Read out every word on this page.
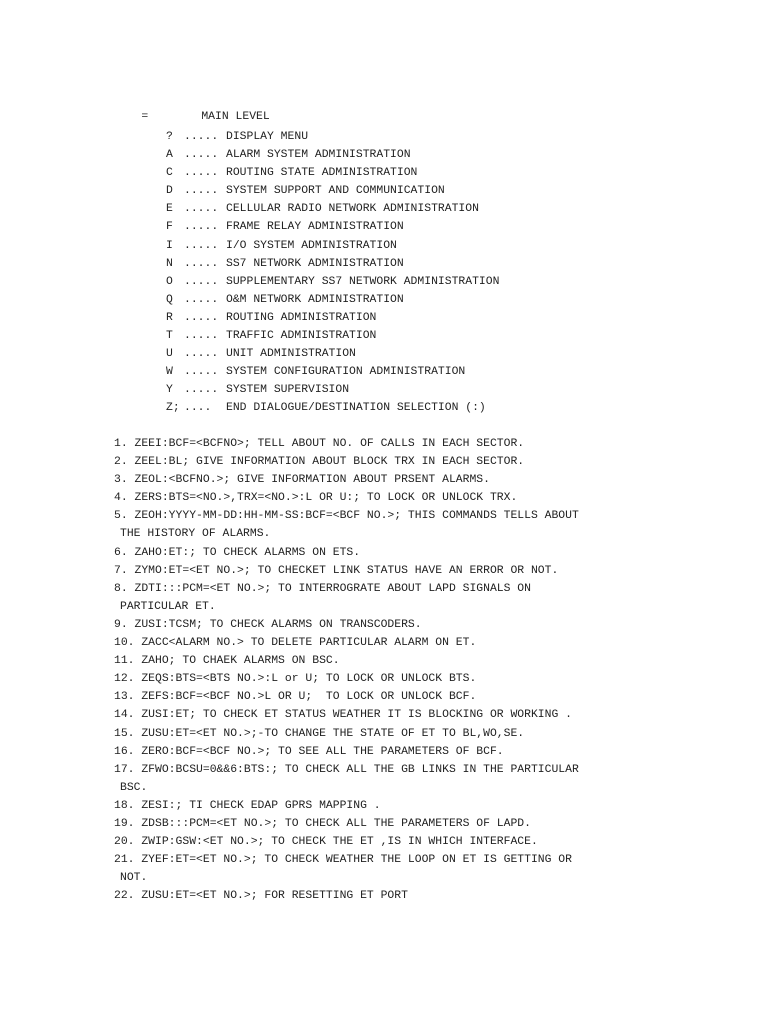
=	MAIN LEVEL

? ..... DISPLAY MENU
A ..... ALARM SYSTEM ADMINISTRATION
C ..... ROUTING STATE ADMINISTRATION
D ..... SYSTEM SUPPORT AND COMMUNICATION
E ..... CELLULAR RADIO NETWORK ADMINISTRATION
F ..... FRAME RELAY ADMINISTRATION
I ..... I/O SYSTEM ADMINISTRATION
N ..... SS7 NETWORK ADMINISTRATION
O ..... SUPPLEMENTARY SS7 NETWORK ADMINISTRATION
Q ..... O&M NETWORK ADMINISTRATION
R ..... ROUTING ADMINISTRATION
T ..... TRAFFIC ADMINISTRATION
U ..... UNIT ADMINISTRATION
W ..... SYSTEM CONFIGURATION ADMINISTRATION
Y ..... SYSTEM SUPERVISION
Z; .... END DIALOGUE/DESTINATION SELECTION (:)
1. ZEEI:BCF=<BCFNO>; TELL ABOUT NO. OF CALLS IN EACH SECTOR.
2. ZEEL:BL; GIVE INFORMATION ABOUT BLOCK TRX IN EACH SECTOR.
3. ZEOL:<BCFNO.>; GIVE INFORMATION ABOUT PRSENT ALARMS.
4. ZERS:BTS=<NO.>,TRX=<NO.>:L OR U:; TO LOCK OR UNLOCK TRX.
5. ZEOH:YYYY-MM-DD:HH-MM-SS:BCF=<BCF NO.>; THIS COMMANDS TELLS ABOUT
THE HISTORY OF ALARMS.
6. ZAHO:ET:; TO CHECK ALARMS ON ETS.
7. ZYMO:ET=<ET NO.>; TO CHECKET LINK STATUS HAVE AN ERROR OR NOT.
8. ZDTI:::PCM=<ET NO.>; TO INTERROGRATE ABOUT LAPD SIGNALS ON
PARTICULAR ET.
9. ZUSI:TCSM; TO CHECK ALARMS ON TRANSCODERS.
10. ZACC<ALARM NO.> TO DELETE PARTICULAR ALARM ON ET.
11. ZAHO; TO CHAEK ALARMS ON BSC.
12. ZEQS:BTS=<BTS NO.>:L or U; TO LOCK OR UNLOCK BTS.
13. ZEFS:BCF=<BCF NO.>L OR U;  TO LOCK OR UNLOCK BCF.
14. ZUSI:ET; TO CHECK ET STATUS WEATHER IT IS BLOCKING OR WORKING .
15. ZUSU:ET=<ET NO.>;-TO CHANGE THE STATE OF ET TO BL,WO,SE.
16. ZERO:BCF=<BCF NO.>; TO SEE ALL THE PARAMETERS OF BCF.
17. ZFWO:BCSU=0&&6:BTS:; TO CHECK ALL THE GB LINKS IN THE PARTICULAR
BSC.
18. ZESI:; TI CHECK EDAP GPRS MAPPING .
19. ZDSB:::PCM=<ET NO.>; TO CHECK ALL THE PARAMETERS OF LAPD.
20. ZWIP:GSW:<ET NO.>; TO CHECK THE ET ,IS IN WHICH INTERFACE.
21. ZYEF:ET=<ET NO.>; TO CHECK WEATHER THE LOOP ON ET IS GETTING OR
NOT.
22. ZUSU:ET=<ET NO.>; FOR RESETTING ET PORT
